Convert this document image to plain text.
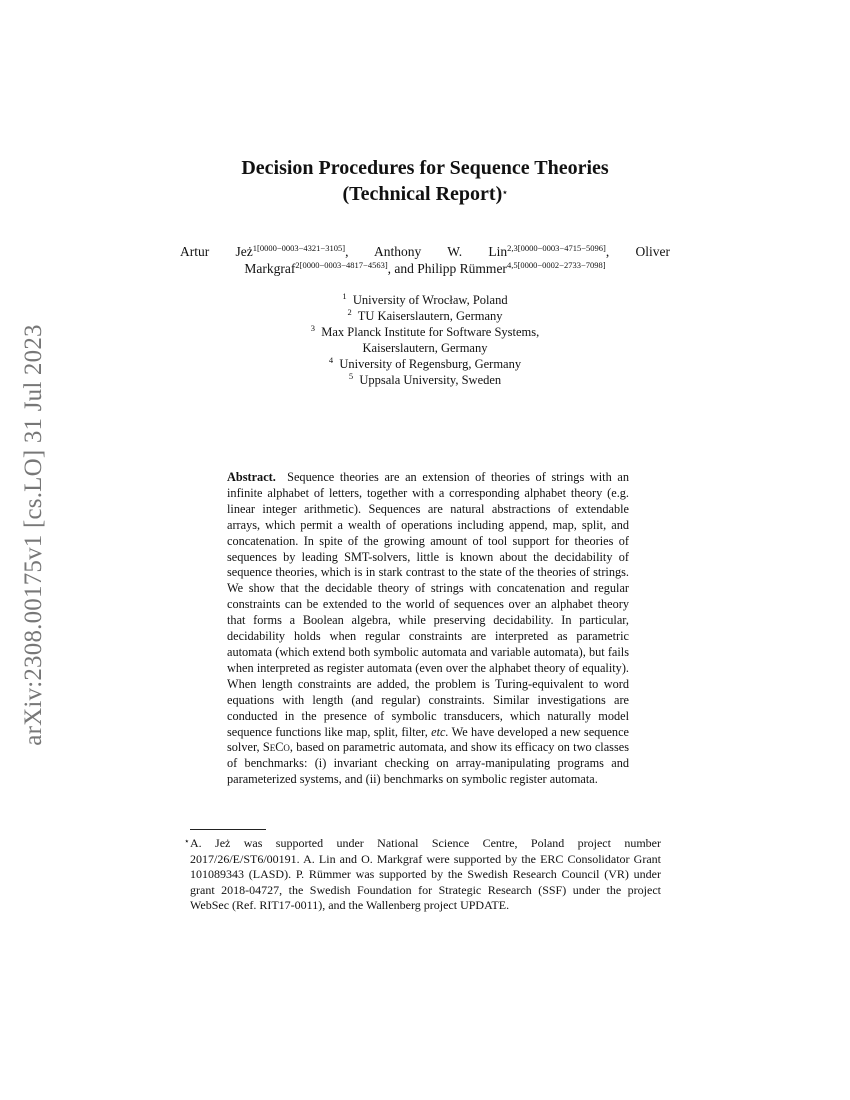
arXiv:2308.00175v1 [cs.LO] 31 Jul 2023
Decision Procedures for Sequence Theories
(Technical Report)⋆
Artur Jeż$^{1[0000-0003-4321-3105]}$, Anthony W. Lin$^{2,3[0000-0003-4715-5096]}$, Oliver
Markgraf$^{2[0000-0003-4817-4563]}$, and Philipp Rümmer$^{4,5[0000-0002-2733-7098]}$
$^1$ University of Wrocław, Poland
$^2$ TU Kaiserslautern, Germany
$^3$ Max Planck Institute for Software Systems,
Kaiserslautern, Germany
$^4$ University of Regensburg, Germany
$^5$ Uppsala University, Sweden
Abstract. Sequence theories are an extension of theories of strings with an infinite alphabet of letters, together with a corresponding alphabet theory (e.g. linear integer arithmetic). Sequences are natural abstractions of extendable arrays, which permit a wealth of operations including append, map, split, and concatenation. In spite of the growing amount of tool support for theories of sequences by leading SMT-solvers, little is known about the decidability of sequence theories, which is in stark contrast to the state of the theories of strings. We show that the decidable theory of strings with concatenation and regular constraints can be extended to the world of sequences over an alphabet theory that forms a Boolean algebra, while preserving decidability. In particular, decidability holds when regular constraints are interpreted as parametric automata (which extend both symbolic automata and variable automata), but fails when interpreted as register automata (even over the alphabet theory of equality). When length constraints are added, the problem is Turing-equivalent to word equations with length (and regular) constraints. Similar investigations are conducted in the presence of symbolic transducers, which naturally model sequence functions like map, split, filter, etc. We have developed a new sequence solver, SeCo, based on parametric automata, and show its efficacy on two classes of benchmarks: (i) invariant checking on array-manipulating programs and parameterized systems, and (ii) benchmarks on symbolic register automata.
⋆ A. Jeż was supported under National Science Centre, Poland project number 2017/26/E/ST6/00191. A. Lin and O. Markgraf were supported by the ERC Consolidator Grant 101089343 (LASD). P. Rümmer was supported by the Swedish Research Council (VR) under grant 2018-04727, the Swedish Foundation for Strategic Research (SSF) under the project WebSec (Ref. RIT17-0011), and the Wallenberg project UPDATE.
